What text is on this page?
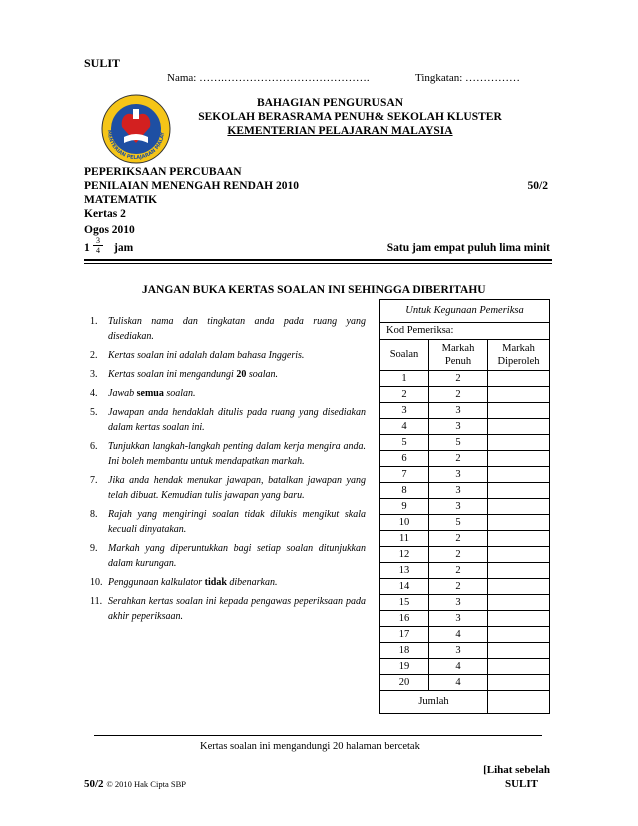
SULIT
Nama: …….………………………………….	Tingkatan: ……………
MENTERIAN PELAJARAN MALAY
BAHAGIAN PENGURUSAN
SEKOLAH BERASRAMA PENUH& SEKOLAH KLUSTER
KEMENTERIAN PELAJARAN MALAYSIA
PEPERIKSAAN PERCUBAAN
PENILAIAN MENENGAH RENDAH 2010	50/2
MATEMATIK
Kertas 2
Ogos 2010
1
3
4	jam	Satu jam empat puluh lima minit
JANGAN BUKA KERTAS SOALAN INI SEHINGGA DIBERITAHU
1. Tuliskan nama dan tingkatan anda pada ruang yang disediakan.
2. Kertas soalan ini adalah dalam bahasa Inggeris.
3. Kertas soalan ini mengandungi 20 soalan.
4. Jawab semua soalan.
5. Jawapan anda hendaklah ditulis pada ruang yang disediakan dalam kertas soalan ini.
6. Tunjukkan langkah-langkah penting dalam kerja mengira anda. Ini boleh membantu untuk mendapatkan markah.
7. Jika anda hendak menukar jawapan, batalkan jawapan yang telah dibuat. Kemudian tulis jawapan yang baru.
8. Rajah yang mengiringi soalan tidak dilukis mengikut skala kecuali dinyatakan.
9. Markah yang diperuntukkan bagi setiap soalan ditunjukkan dalam kurungan.
10. Penggunaan kalkulator tidak dibenarkan.
11. Serahkan kertas soalan ini kepada pengawas peperiksaan pada akhir peperiksaan.
Untuk Kegunaan Pemeriksa		
Kod Pemeriksa:		
Soalan	Markah Penuh	Markah Diperoleh
1	2	
2	2	
3	3	
4	3	
5	5	
6	2	
7	3	
8	3	
9	3	
10	5	
11	2	
12	2	
13	2	
14	2	
15	3	
16	3	
17	4	
18	3	
19	4	
20	4	
Jumlah		
Kertas soalan ini mengandungi 20 halaman bercetak
[Lihat sebelah
50/2 © 2010 Hak Cipta SBP	SULIT
